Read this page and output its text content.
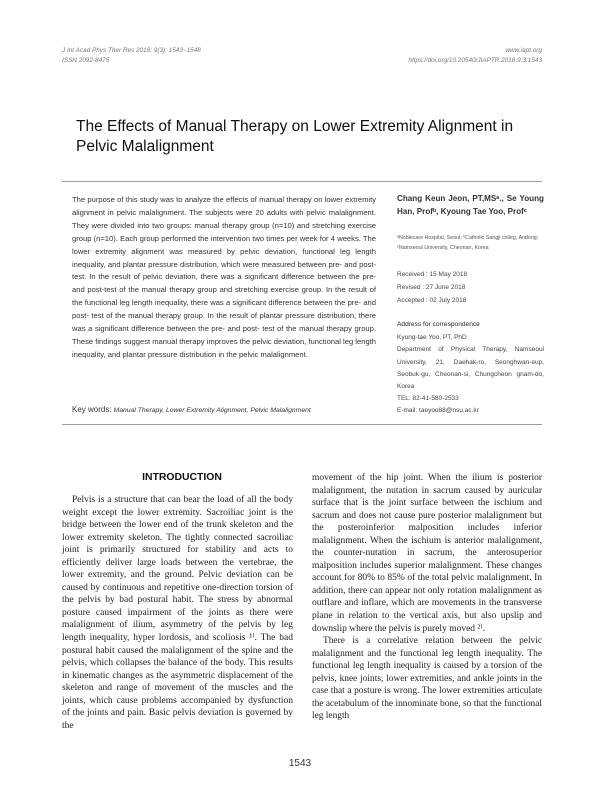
J Int Acad Phys Ther Res 2018; 9(3): 1543~1548
ISSN 2092-8475
www.iapt.org
https://doi.org/10.20540/JIAPTR.2018.9.3.1543
The Effects of Manual Therapy on Lower Extremity Alignment in Pelvic Malalignment
The purpose of this study was to analyze the effects of manual therapy on lower extremity alignment in pelvic malalignment. The subjects were 20 adults with pelvic malalignment. They were divided into two groups: manual therapy group (n=10) and stretching exercise group (n=10). Each group performed the intervention two times per week for 4 weeks. The lower extremity alignment was measured by pelvic deviation, functional leg length inequality, and plantar pressure distribution, which were measured between pre- and post-test. In the result of pelvic deviation, there was a significant difference between the pre- and post-test of the manual therapy group and stretching exercise group. In the result of the functional leg length inequality, there was a significant difference between the pre- and post- test of the manual therapy group. In the result of plantar pressure distribution, there was a significant difference between the pre- and post- test of the manual therapy group. These findings suggest manual therapy improves the pelvic deviation, functional leg length inequality, and plantar pressure distribution in the pelvic malalignment.
Key words: Manual Therapy, Lower Extremity Alignment, Pelvic Malalignment
Chang Keun Jeon, PT,MSᵃ., Se Young Han, Profᵇ, Kyoung Tae Yoo, Profᶜ
ᵃNoblecare Hospital, Seoul; ᵇCatholic Sangji colleg, Andong; ᶜNamseoul University, Cheonan, Korea
Received : 15 May 2018
Revised : 27 June 2018
Accepted : 02 July 2018
Address for correspondence
Kyung-tae Yoo, PT, PhD
Department of Physical Therapy, Namseoul University, 21, Daehak-ro, Seonghwan-eup, Seobuk-gu, Cheonan-si, Chungcheon gnam-do, Korea
TEL: 82-41-580-2533
E-mail: taeyoo88@nsu.ac.kr
INTRODUCTION
Pelvis is a structure that can bear the load of all the body weight except the lower extremity. Sacroiliac joint is the bridge between the lower end of the trunk skeleton and the lower extremity skeleton. The tightly connected sacroiliac joint is primarily structured for stability and acts to efficiently deliver large loads between the vertebrae, the lower extremity, and the ground. Pelvic deviation can be caused by continuous and repetitive one-direction torsion of the pelvis by bad postural habit. The stress by abnormal posture caused impairment of the joints as there were malalignment of ilium, asymmetry of the pelvis by leg length inequality, hyper lordosis, and scoliosis ¹⁾. The bad postural habit caused the malalignment of the spine and the pelvis, which collapses the balance of the body. This results in kinematic changes as the asymmetric displacement of the skeleton and range of movement of the muscles and the joints, which cause problems accompanied by dysfunction of the joints and pain. Basic pelvis deviation is governed by the

movement of the hip joint. When the ilium is posterior malalignment, the nutation in sacrum caused by auricular surface that is the joint surface between the ischium and sacrum and does not cause pure posterior malalignment but the posteroinferior malposition includes inferior malalignment. When the ischium is anterior malalignment, the counter-nutation in sacrum, the anterosuperior malposition includes superior malalignment. These changes account for 80% to 85% of the total pelvic malalignment. In addition, there can appear not only rotation malalignment as outflare and inflare, which are movements in the transverse plane in relation to the vertical axis, but also upslip and downslip where the pelvis is purely moved ²⁾.

There is a correlative relation between the pelvic malalignment and the functional leg length inequality. The functional leg length inequality is caused by a torsion of the pelvis, knee joints, lower extremities, and ankle joints in the case that a posture is wrong. The lower extremities articulate the acetabulum of the innominate bone, so that the functional leg length

1543
